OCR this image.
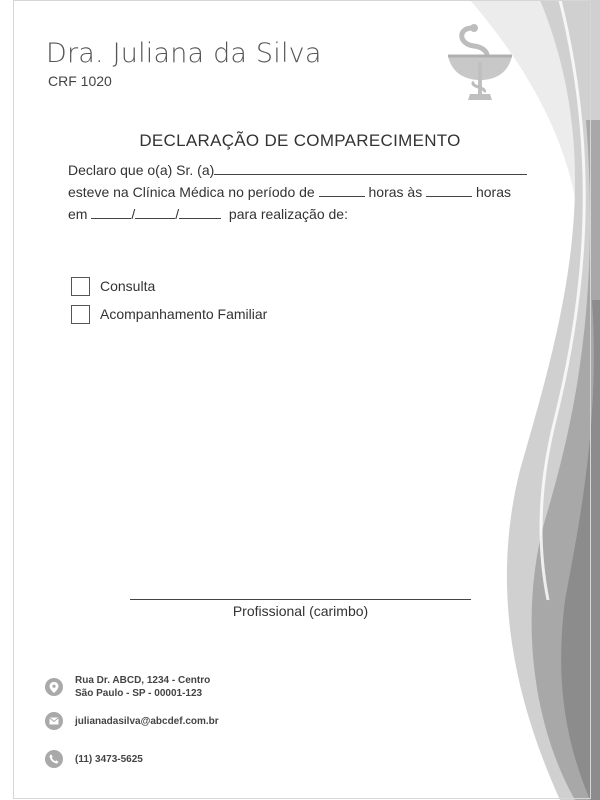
Dra. Juliana da Silva
CRF 1020
DECLARAÇÃO DE COMPARECIMENTO
Declaro que o(a) Sr. (a)
esteve na Clínica Médica no período de	horas às	horas
em	/	/	para realização de:
Consulta
Acompanhamento Familiar
Profissional (carimbo)
Rua Dr. ABCD, 1234 - Centro
São Paulo - SP - 00001-123
julianadasilva@abcdef.com.br
(11) 3473-5625
